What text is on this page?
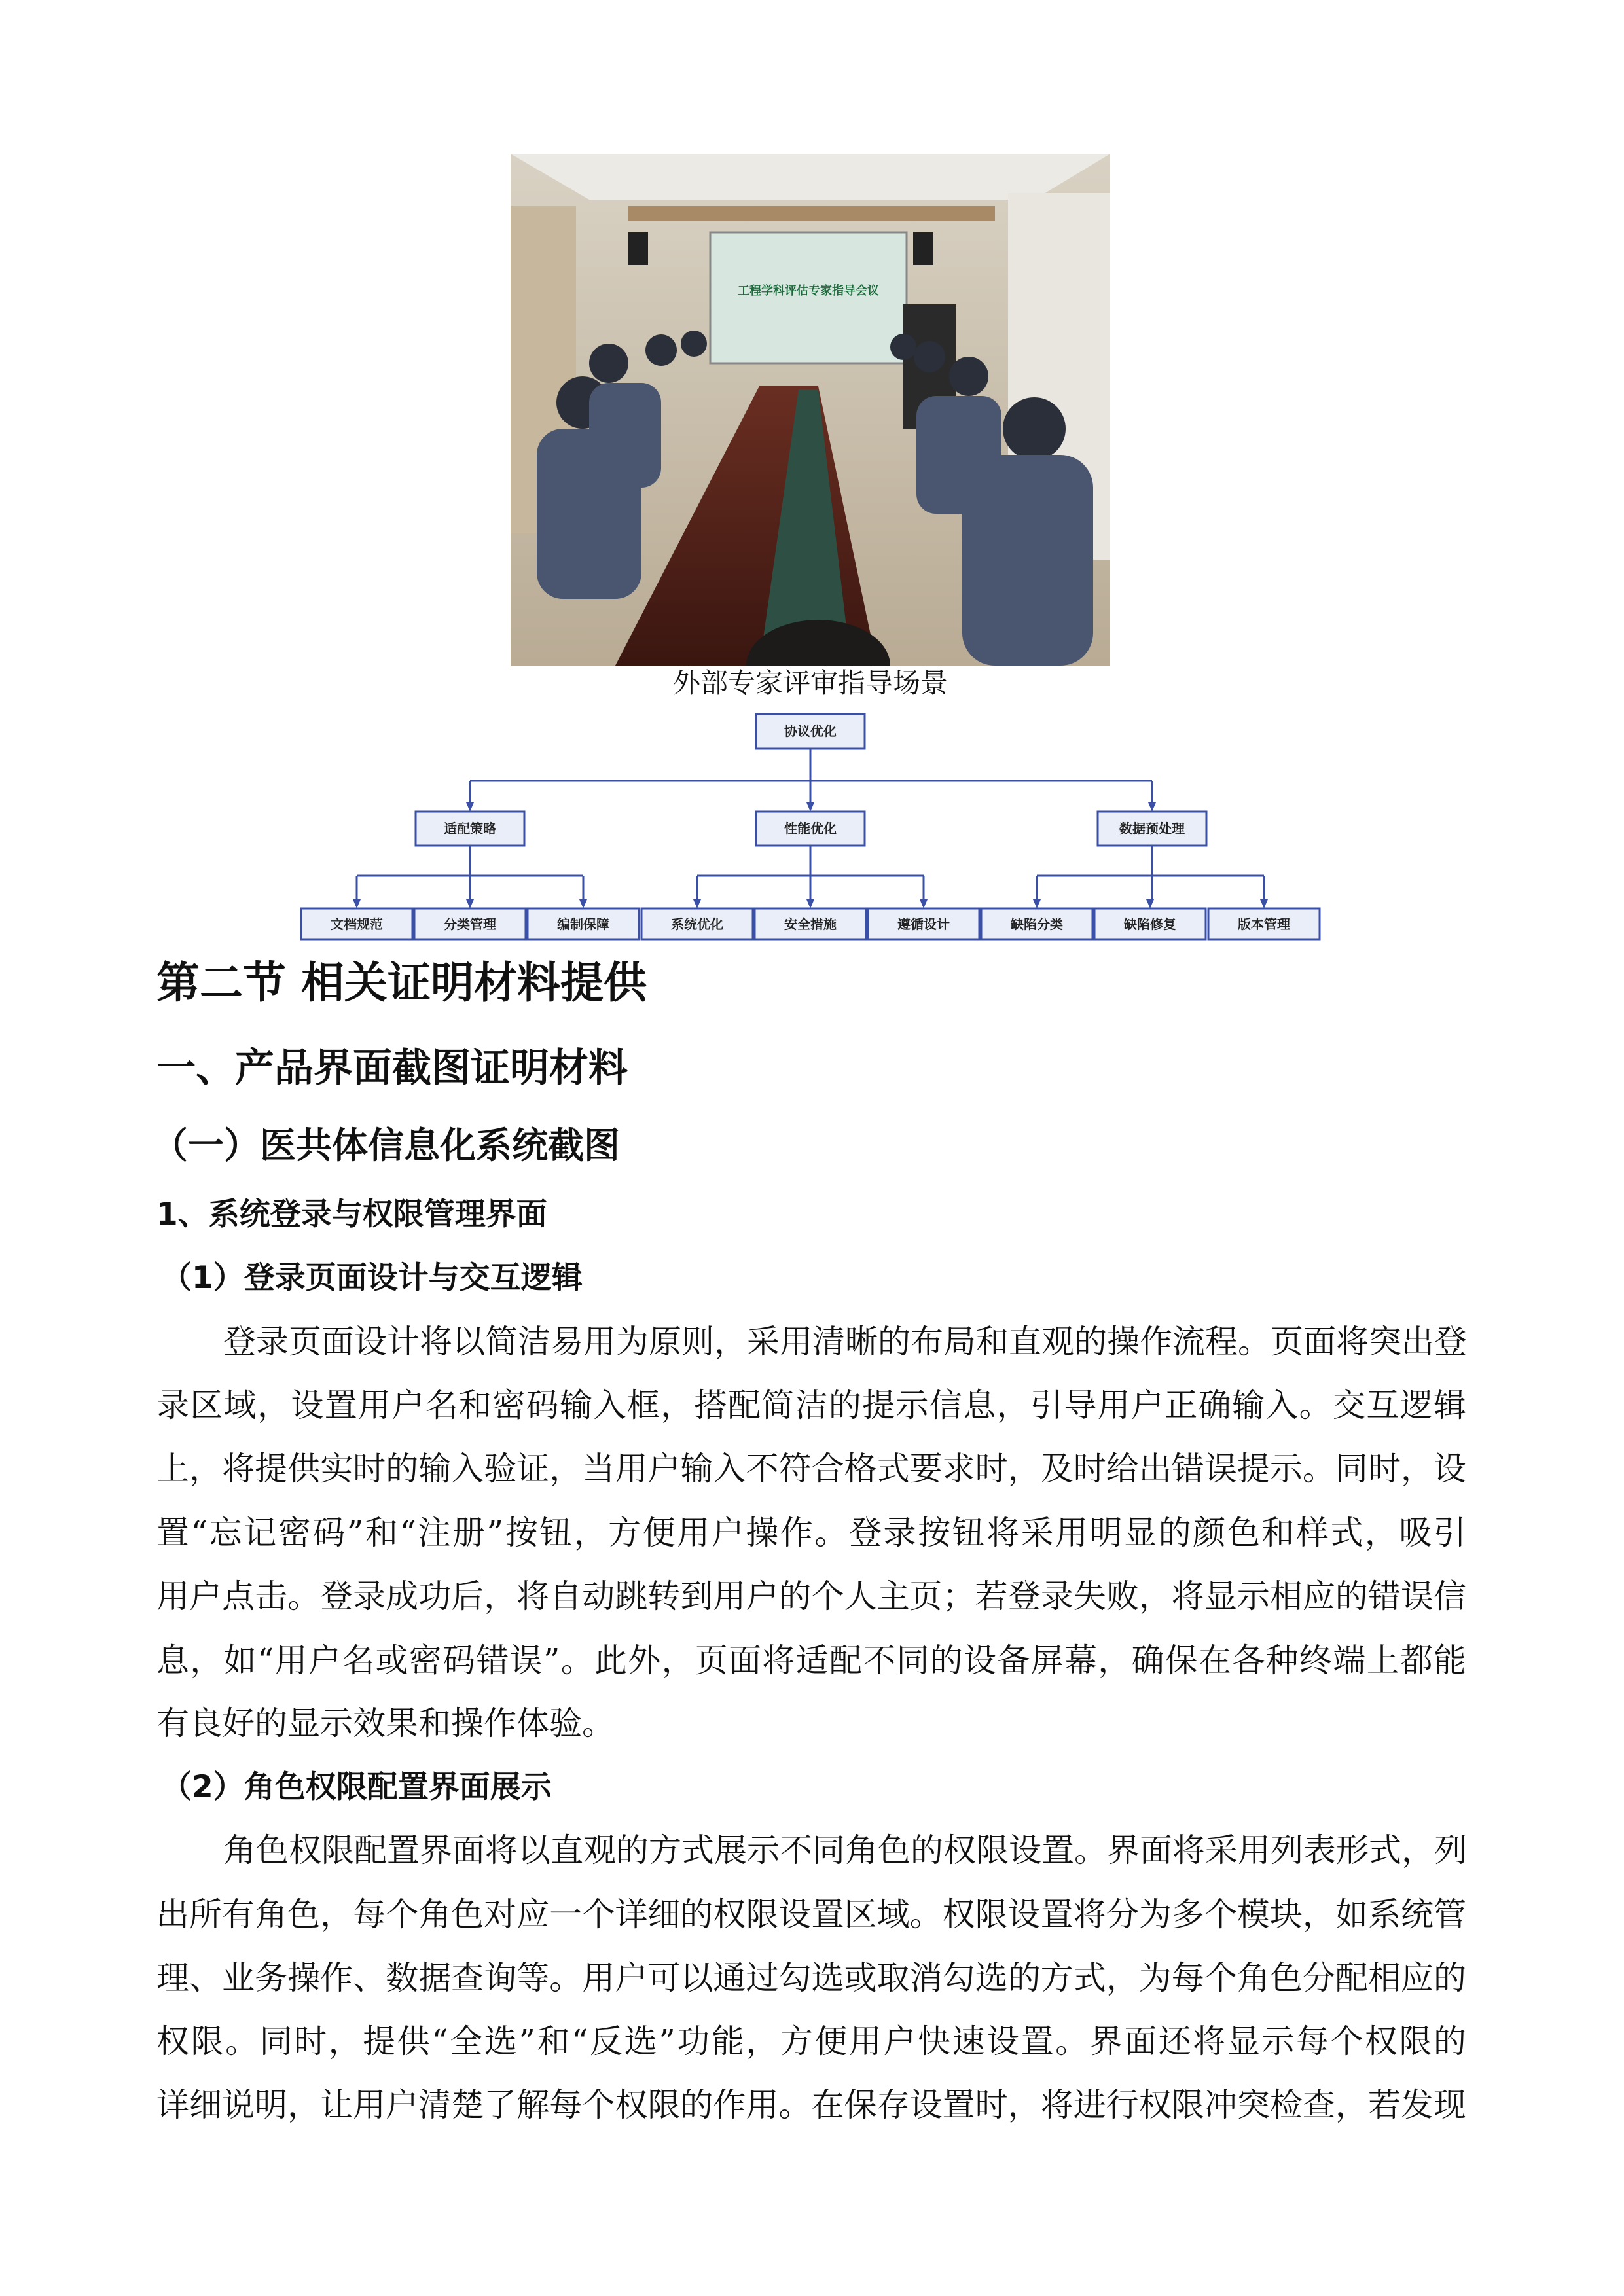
工程学科评估专家指导会议
外部专家评审指导场景
协议优化
适配策略	性能优化	数据预处理
文档规范	分类管理	编制保障	系统优化	安全措施	遵循设计	缺陷分类	缺陷修复	版本管理
第二节 相关证明材料提供
一、产品界面截图证明材料
（一）医共体信息化系统截图
1、系统登录与权限管理界面
（1）登录页面设计与交互逻辑
登录页面设计将以简洁易用为原则，采用清晰的布局和直观的操作流程。页面将突出登
录区域，设置用户名和密码输入框，搭配简洁的提示信息，引导用户正确输入。交互逻辑
上，将提供实时的输入验证，当用户输入不符合格式要求时，及时给出错误提示。同时，设
置“忘记密码”和“注册”按钮，方便用户操作。登录按钮将采用明显的颜色和样式，吸引
用户点击。登录成功后，将自动跳转到用户的个人主页；若登录失败，将显示相应的错误信
息，如“用户名或密码错误”。此外，页面将适配不同的设备屏幕，确保在各种终端上都能
有良好的显示效果和操作体验。
（2）角色权限配置界面展示
角色权限配置界面将以直观的方式展示不同角色的权限设置。界面将采用列表形式，列
出所有角色，每个角色对应一个详细的权限设置区域。权限设置将分为多个模块，如系统管
理、业务操作、数据查询等。用户可以通过勾选或取消勾选的方式，为每个角色分配相应的
权限。同时，提供“全选”和“反选”功能，方便用户快速设置。界面还将显示每个权限的
详细说明，让用户清楚了解每个权限的作用。在保存设置时，将进行权限冲突检查，若发现
